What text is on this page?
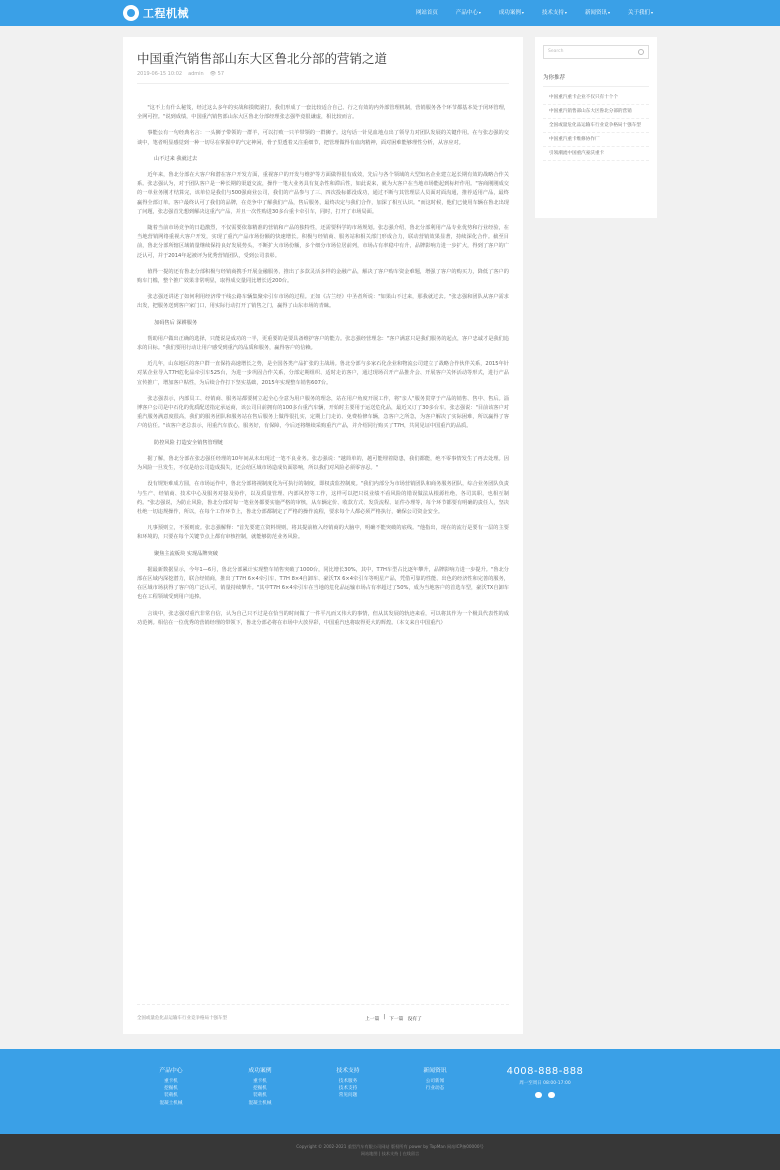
工程机械	网站首页	产品中心▾	成功案例▾	技术支持▾	新闻资讯▾	关于我们▾
中国重汽销售部山东大区鲁北分部的营销之道
2019-06-15 10:02 admin 👁 57

"这不上有什么秘笈，经过这么多年的实战和摸爬滚打，我们形成了一套比较适合自己、行之有效的内外部管理机制，营销服务各个环节都基本处于闭环管理，全网可控。"说到成绩，中国重汽销售部山东大区鲁北分部经理张志强毕竟很谦虚，相比较而言。

事能公有一句经典名言：一头狮子带领的一群羊，可以打败一只羊带领的一群狮子。这句话一针见血地点出了领导力对团队发展的关键作用。在与张志强的交谈中，笔者明显感觉到一种一切尽在掌握中的气定神闲，骨子里透着又注重细节，把管理做得有血肉精神，面对困难能够理性分析，从容应对。

山不过来 我就过去

近年来，鲁北分部在大客户和潜在客户开发方面，重视客户的开发与维护等方面做得很有成效，先后与各个领域的大型知名企业建立起长期有效的战略合作关系。张志强认为，对于团队客户是一种长期的渠道交流，操作一笔大业务具有复杂性和滞后性，如此说来，就为大客户在当地市场能起到标杆作用。"客商刚刚成交的一单业务刚才结算完，该单位是我们与500强商业公司，我们的产品参与了三、四次投标都没成功，通过不断与其管理层人员面对面沟通，推荐适用产品，最终赢得全部订单。客户最终认可了我们的品牌，在竞争中了解我们产品，售后服务，最终决定与我们合作，加深了相互认识。"而这时候，他们已使用车辆在鲁北出现了问题，张志强首先想到解决这重汽产品，并且一次性购进30多台重卡牵引车，同时，打开了市场局面。

随着当前市场竞争的日趋激烈，不仅需要依靠精准的营销和产品的独特性，还需要科学的市场规划。张志强介绍，鲁北分部利用产品专业优势和行业经验，在当地营销网络重视大客户开发，实现了重汽产品市场份额的快速增长。积极与经销商、服务站和相关部门形成合力，联动营销效果显著，持续深化合作。截至目前，鲁北分部所辖区域销量继续保持良好发展势头，不断扩大市场份额，多个细分市场位居前列，市场占有率稳中有升，品牌影响力进一步扩大，得到了客户的广泛认可，并于2014年起被评为优秀营销团队，受到公司表彰。

值得一提的还有鲁北分部积极与经销商携手开展金融服务，推出了多款灵活多样的金融产品，解决了客户购车资金难题，增强了客户的购买力，降低了客户的购车门槛，整个推广效果非常明显，取得成交量同比增长近200台。

张志强还讲述了如何利用经济带干线公路车辆集聚牵引车市场的过程。正如《古兰经》中圣者所说："如果山不过来，那我就过去。"张志强和团队从客户需求出发，把服务送到客户家门口，用实际行动打开了销售之门，赢得了山东市场的青睐。

加码售后 深耕服务

帮助用户做出正确的选择，只能说是成功的一半，更重要的是要具备维护客户的能力。张志强经营理念："客户满意只是我们服务的起点，客户忠诚才是我们追求的目标。"我们要用行动让用户感受到重汽的品质和服务，赢得客户的信赖。

近几年，山东地区的客户群一直保持高速增长之势，是全国各类产品扩张的主战场。鲁北分部与多家石化企业和物流公司建立了战略合作伙伴关系，2015年针对某企业导入T7H危化品牵引车525台，为进一步巩固合作关系，分部定期组织、适时走访客户，通过现场召开产品推介会、开展客户关怀活动等形式，进行产品宣传推广，增加客户粘性，为后续合作打下坚实基础，2015年实现整车销售607台。

张志强表示，内部员工、经销商、服务站都要树立起全心全意为用户服务的理念，站在用户角度开展工作，将"亲人"服务贯穿于产品的销售、售中、售后。淄博客户公司是中石化的优质配送指定承运商，该公司目前拥有的100多台重汽车辆，开始时主要用于运送危化品，最近又订了30多台车。张志强说："目前该客户对重汽服务满意度很高，我们的服务团队和服务站在售后服务上做得很扎实，定期上门走访、免费检修车辆，急客户之所急，为客户解决了实际困难，所以赢得了客户的信任。"该客户老总表示，用重汽车放心，服务好，有保障，今后还将继续采购重汽产品，并介绍同行购买了T7H，共同见证中国重汽的品质。

防控风险 打造安全销售管理链

据了解，鲁北分部在张志强任经理的10年间从未出现过一笔不良业务。张志强说："越简单的，越可能埋着隐患，我们都能，绝不零事情发生了再去处理。因为风险一旦发生，不仅是给公司造成损失，还会给区域市场造成负面影响，所以我们对风险必须零容忍。"

没有规矩难成方圆，在市场运作中，鲁北分部将视制度化为可执行的制度，即权责监控制度。"我们内部分为市场营销团队和商务服务团队，综合业务团队负责与生产、经销商、技术中心及服务对接及协作，以及质量管理、内部风控等工作，这样可以把只说业绩不看风险的错误做法从根源杜绝，各司其职，也相互制约。"张志强说，为防止风险，鲁北分部对每一笔业务都要实施严格的审核，从车辆定价、收款方式、发货流程、证件办理等，每个环节都要有明确的责任人，坚决杜绝一切违规操作，所以，在每个工作环节上，鲁北分部都制定了严格的操作流程，要求每个人都必须严格执行，确保公司资金安全。

凡事预则立，不预则废。张志强解释："首先要建立资料规则，将其提前植入经销商的大脑中，明确不能突破的底线。"他指出，现在的流行是要有一层的主要和环境的，只要在每个关键节点上都有审核控制，就能够防范业务风险。

聚焦主流板块 实现品牌突破

据最新数据显示，今年1—6月，鲁北分部累计实现整车销售突破了1000台，同比增长30%，其中，T7H车型占比逐年攀升，品牌影响力进一步提升。"鲁北分部在区域内深挖潜力，联合经销商，推出了T7H 6×4牵引车、T7H 8×4自卸车、豪沃TX 6×4牵引车等明星产品，凭借可靠的性能、出色的经济性和完善的服务，在区域市场获得了客户的广泛认可，销量持续攀升。"其中T7H 6×4牵引车在当地的危化品运输市场占有率超过了50%，成为当地客户的首选车型，豪沃TX自卸车也在工程领域受到用户追捧。

言谈中，张志强对重汽非常自信，认为自己只不过是在恰当的时间做了一件平凡而又伟大的事情，但从其发展的轨迹来看，可以将其作为一个极具代表性的成功范例。相信在一位优秀的营销经理的带领下，鲁北分部必将在市场中大放异彩，中国重汽也将取得更大的辉煌。（本文来自中国重汽）

全国或量危化品运输车行业竞争格局十强车型	上一篇 | 下一篇 没有了
Search
为你推荐
中国重汽重卡企业不仅只有十个个
中国重汽销售部山东大区鲁北分部的营销
全国或量危化品运输车行业竞争格局十强车型
中国重汽重卡维修协作厂
引领潮流中国重汽豪沃重卡
4008-888-888
周一至周日 08:00-17:00
产品中心
重卡机
挖掘机
装载机
混凝土机械
成功案例
重卡机
挖掘机
装载机
混凝土机械
技术支持
技术服务
技术支持
常见问题
新闻资讯
公司新闻
行业动态
Copyright © 2002-2021 重型汽车有限公司网站 版权所有 power by TopMan 网站ICP备00000号
网站地图 | 技术支持 | 在线留言
